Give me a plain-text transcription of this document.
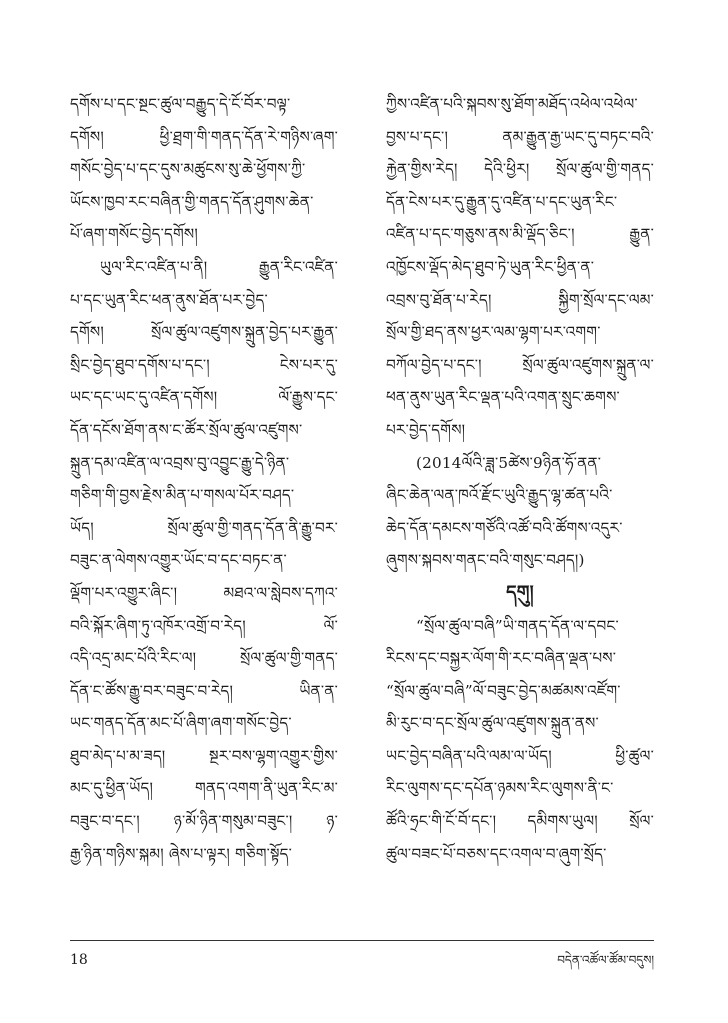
དགོས་པ་དང་སྔང་ཚུལ་བརྒྱུད་དེ་ངོ་བོར་བལྟ་
དགོས། ཕྱི་ཐྲག་གི་གནད་དོན་རེ་གཉིས་ཞག་
གསོང་བྱེད་པ་དང་དུས་མཚུངས་སུ་ཆེ་ཕྱོགས་ཀྱི་
ཡོངས་ཁྱབ་རང་བཞིན་གྱི་གནད་དོན་ཤུགས་ཆེན་
པོ་ཞག་གསོང་བྱེད་དགོས།
ཡུལ་རིང་འཛིན་པ་ནི། རྒྱུན་རིང་འཛིན་
པ་དང་ཡུན་རིང་ཕན་ནུས་ཐོན་པར་བྱེད་
དགོས། སྲོལ་ཚུལ་འཛུགས་སྐྲུན་བྱེད་པར་རྒྱུན་
སྲིང་བྱེད་ཐུབ་དགོས་པ་དང་། ངེས་པར་དུ་
ཡང་དང་ཡང་དུ་འཛིན་དགོས། ལོ་རྒྱུས་དང་
དོན་དངོས་ཐོག་ནས་ང་ཚོར་སྲོལ་ཚུལ་འཛུགས་
སྐྲུན་དམ་འཛིན་ལ་འབྲས་བུ་འབྱུང་རྒྱུ་དེ་ཉིན་
གཅིག་གི་བྱས་རྗེས་མིན་པ་གསལ་པོར་བཤད་
ཡོད། སྲོལ་ཚུལ་གྱི་གནད་དོན་ནི་རྒྱུ་བར་
བཟུང་ན་ལེགས་འགྱུར་ཡོང་བ་དང་བཏང་ན་
ལྡོག་པར་འགྱུར་ཞིང་། མཐའ་ལ་སླེབས་དཀའ་
བའི་སྐོར་ཞིག་ཏུ་འཁོར་འགྲོ་བ་རེད། ལོ་
འདི་འདྲ་མང་པོའི་རིང་ལ། སྲོལ་ཚུལ་གྱི་གནད་
དོན་ང་ཚོས་རྒྱུ་བར་བཟུང་བ་རེད། ཡིན་ན་
ཡང་གནད་དོན་མང་པོ་ཞིག་ཞག་གསོང་བྱེད་
ཐུབ་མེད་པ་མ་ཟད། སྔར་བས་ལྷག་འགྱུར་གྱིས་
མང་དུ་ཕྱིན་ཡོད། གནད་འགག་ནི་ཡུན་རིང་མ་
བཟུང་བ་དང་། ཉ་མོ་ཉིན་གསུམ་བཟུང་། ཉ་
རྒྱ་ཉིན་གཉིས་སྐམ། ཞེས་པ་ལྟར། གཅིག་སྟོད་
ཀྱིས་འཛིན་པའི་སྐབས་སུ་ཐོག་མཐོད་འཕེལ་འཕེལ་
བྱས་པ་དང་། ནམ་རྒྱུན་རྒྱ་ཡང་དུ་བཏང་བའི་
རྐྱེན་གྱིས་རེད། དེའི་ཕྱིར། སྲོལ་ཚུལ་གྱི་གནད་
དོན་ངེས་པར་དུ་རྒྱུན་དུ་འཛིན་པ་དང་ཡུན་རིང་
འཛིན་པ་དང་གཅུས་ནས་མི་ལྡོད་ཅིང་། རྒྱུན་
འཁྱོངས་ལྡོད་མེད་ཐུབ་ཏེ་ཡུན་རིང་ཕྱིན་ན་
འབྲས་བུ་ཐོན་པ་རེད། སྐྱིག་སྲོལ་དང་ལམ་
སྲོལ་གྱི་ཐད་ནས་ཕྱར་ལམ་ལྷག་པར་འགག་
བཀོལ་བྱེད་པ་དང་། སྲོལ་ཚུལ་འཛུགས་སྐྲུན་ལ་
ཕན་ནུས་ཡུན་རིང་ལྡན་པའི་འགན་སྲུང་ཆགས་
པར་བྱེད་དགོས།
(2014ལོའི་ཟླ་5ཚེས་9ཉིན་ཧོ་ནན་
ཞིང་ཆེན་ལན་ཁའོ་རྫོང་ཡུའི་རྒྱུད་ལྷ་ཚན་པའི་
ཆེད་དོན་དམངས་གཙོའི་འཚོ་བའི་ཚོགས་འདུར་
ཞུགས་སྐབས་གནང་བའི་གསུང་བཤད།)
དགུ།
“སྲོལ་ཚུལ་བཞི”ཡི་གནད་དོན་ལ་དབང་
རིངས་དང་བསྐྱར་ལོག་གི་རང་བཞིན་ལྡན་པས་
“སྲོལ་ཚུལ་བཞི”ལོ་བཟུང་བྱེད་མཚམས་འཛོག་
མི་རུང་བ་དང་སྲོལ་ཚུལ་འཛུགས་སྐྲུན་ནས་
ཡང་བྱེད་བཞིན་པའི་ལམ་ལ་ཡོད། ཕྱི་ཚུལ་
རིང་ལུགས་དང་དཔོན་ཉམས་རིང་ལུགས་ནི་ང་
ཚོའི་ཧྲང་གི་ངོ་བོ་དང་། དམིགས་ཡུལ། སྲོལ་
ཚུལ་བཟང་པོ་བཅས་དང་འགལ་བ་ཞུག་སྲོད་
18	བདེན་འཚོལ་ཚོམ་བདུས།
